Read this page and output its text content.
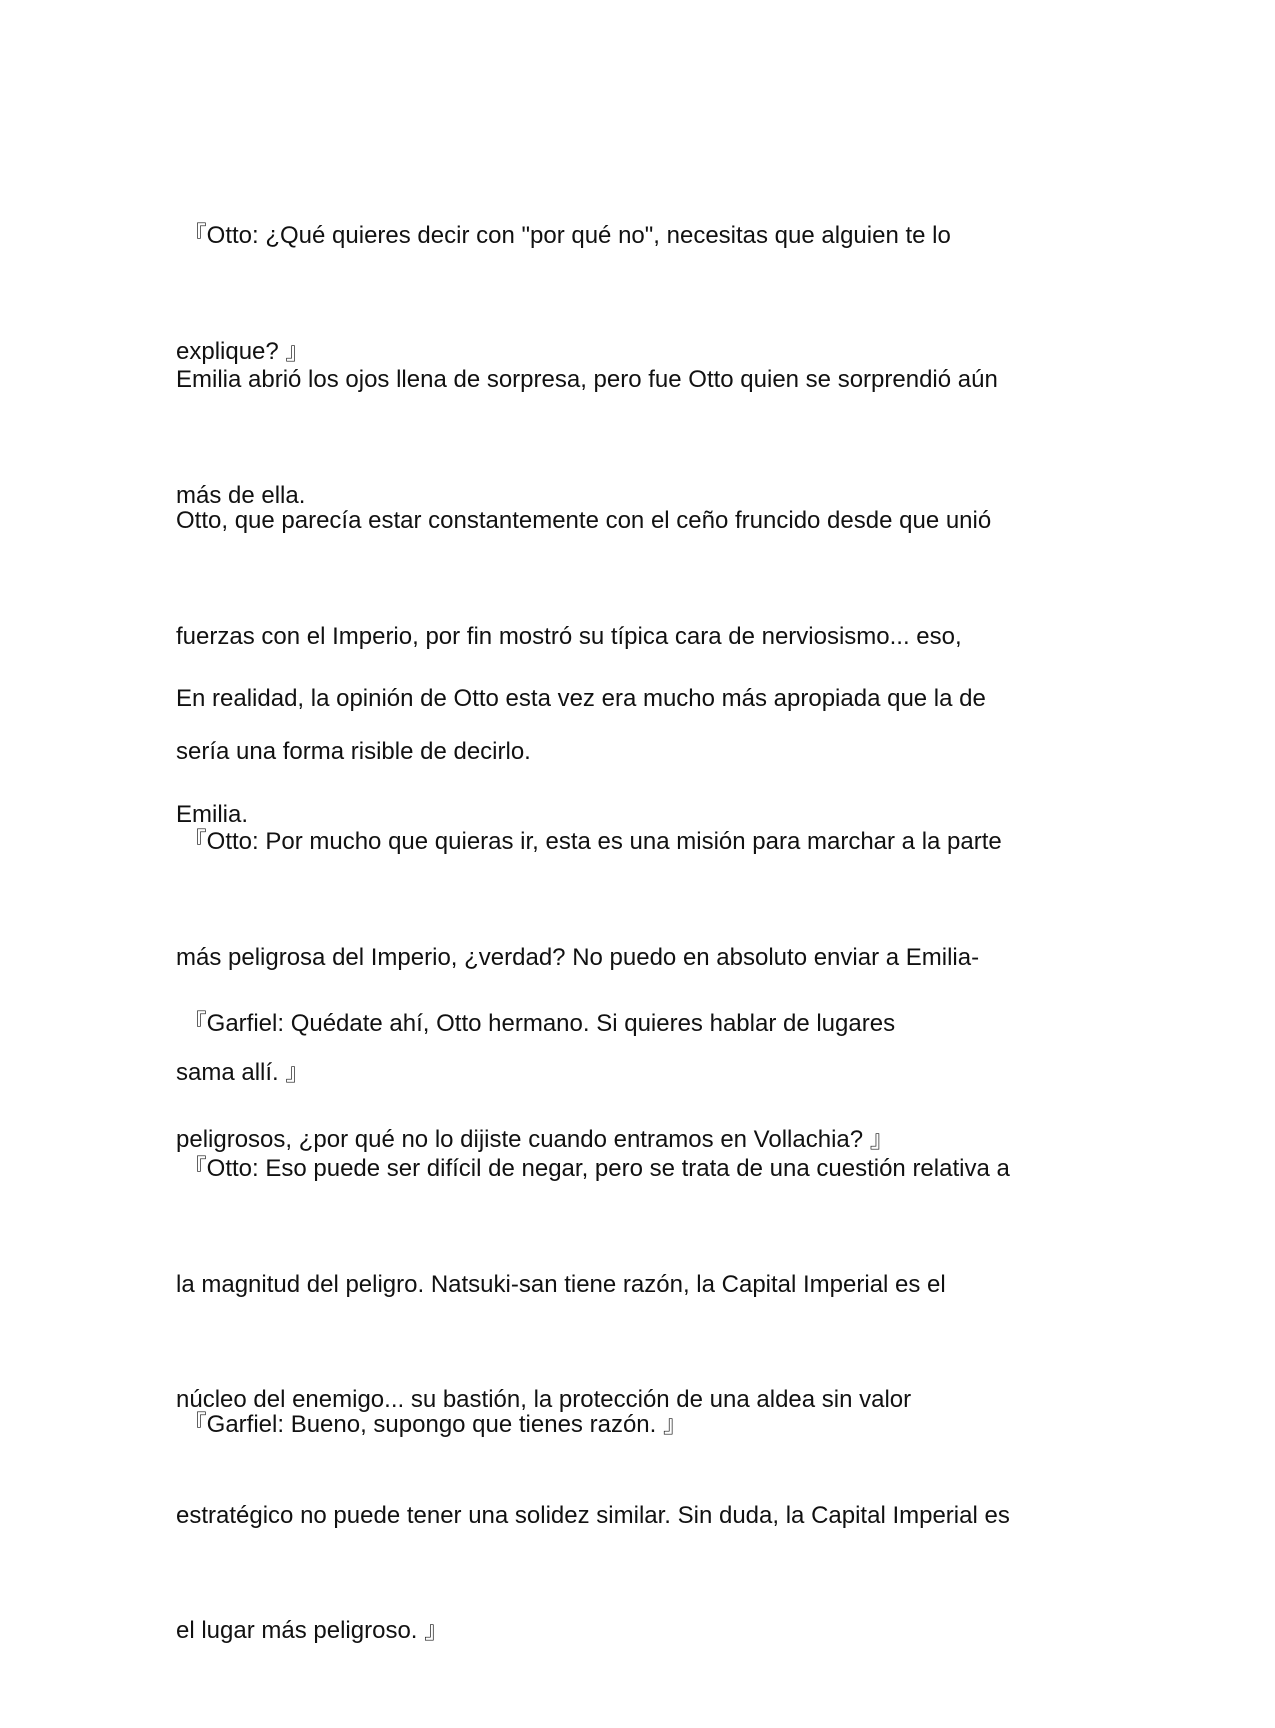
『Otto: ¿Qué quieres decir con "por qué no", necesitas que alguien te lo

explique? 』

Emilia abrió los ojos llena de sorpresa, pero fue Otto quien se sorprendió aún

más de ella.

Otto, que parecía estar constantemente con el ceño fruncido desde que unió

fuerzas con el Imperio, por fin mostró su típica cara de nerviosismo... eso,

sería una forma risible de decirlo.

En realidad, la opinión de Otto esta vez era mucho más apropiada que la de

Emilia.

『Otto: Por mucho que quieras ir, esta es una misión para marchar a la parte

más peligrosa del Imperio, ¿verdad? No puedo en absoluto enviar a Emilia-

sama allí. 』

『Garfiel: Quédate ahí, Otto hermano. Si quieres hablar de lugares

peligrosos, ¿por qué no lo dijiste cuando entramos en Vollachia? 』

『Otto: Eso puede ser difícil de negar, pero se trata de una cuestión relativa a

la magnitud del peligro. Natsuki-san tiene razón, la Capital Imperial es el

núcleo del enemigo... su bastión, la protección de una aldea sin valor

estratégico no puede tener una solidez similar. Sin duda, la Capital Imperial es

el lugar más peligroso. 』

『Garfiel: Bueno, supongo que tienes razón. 』
